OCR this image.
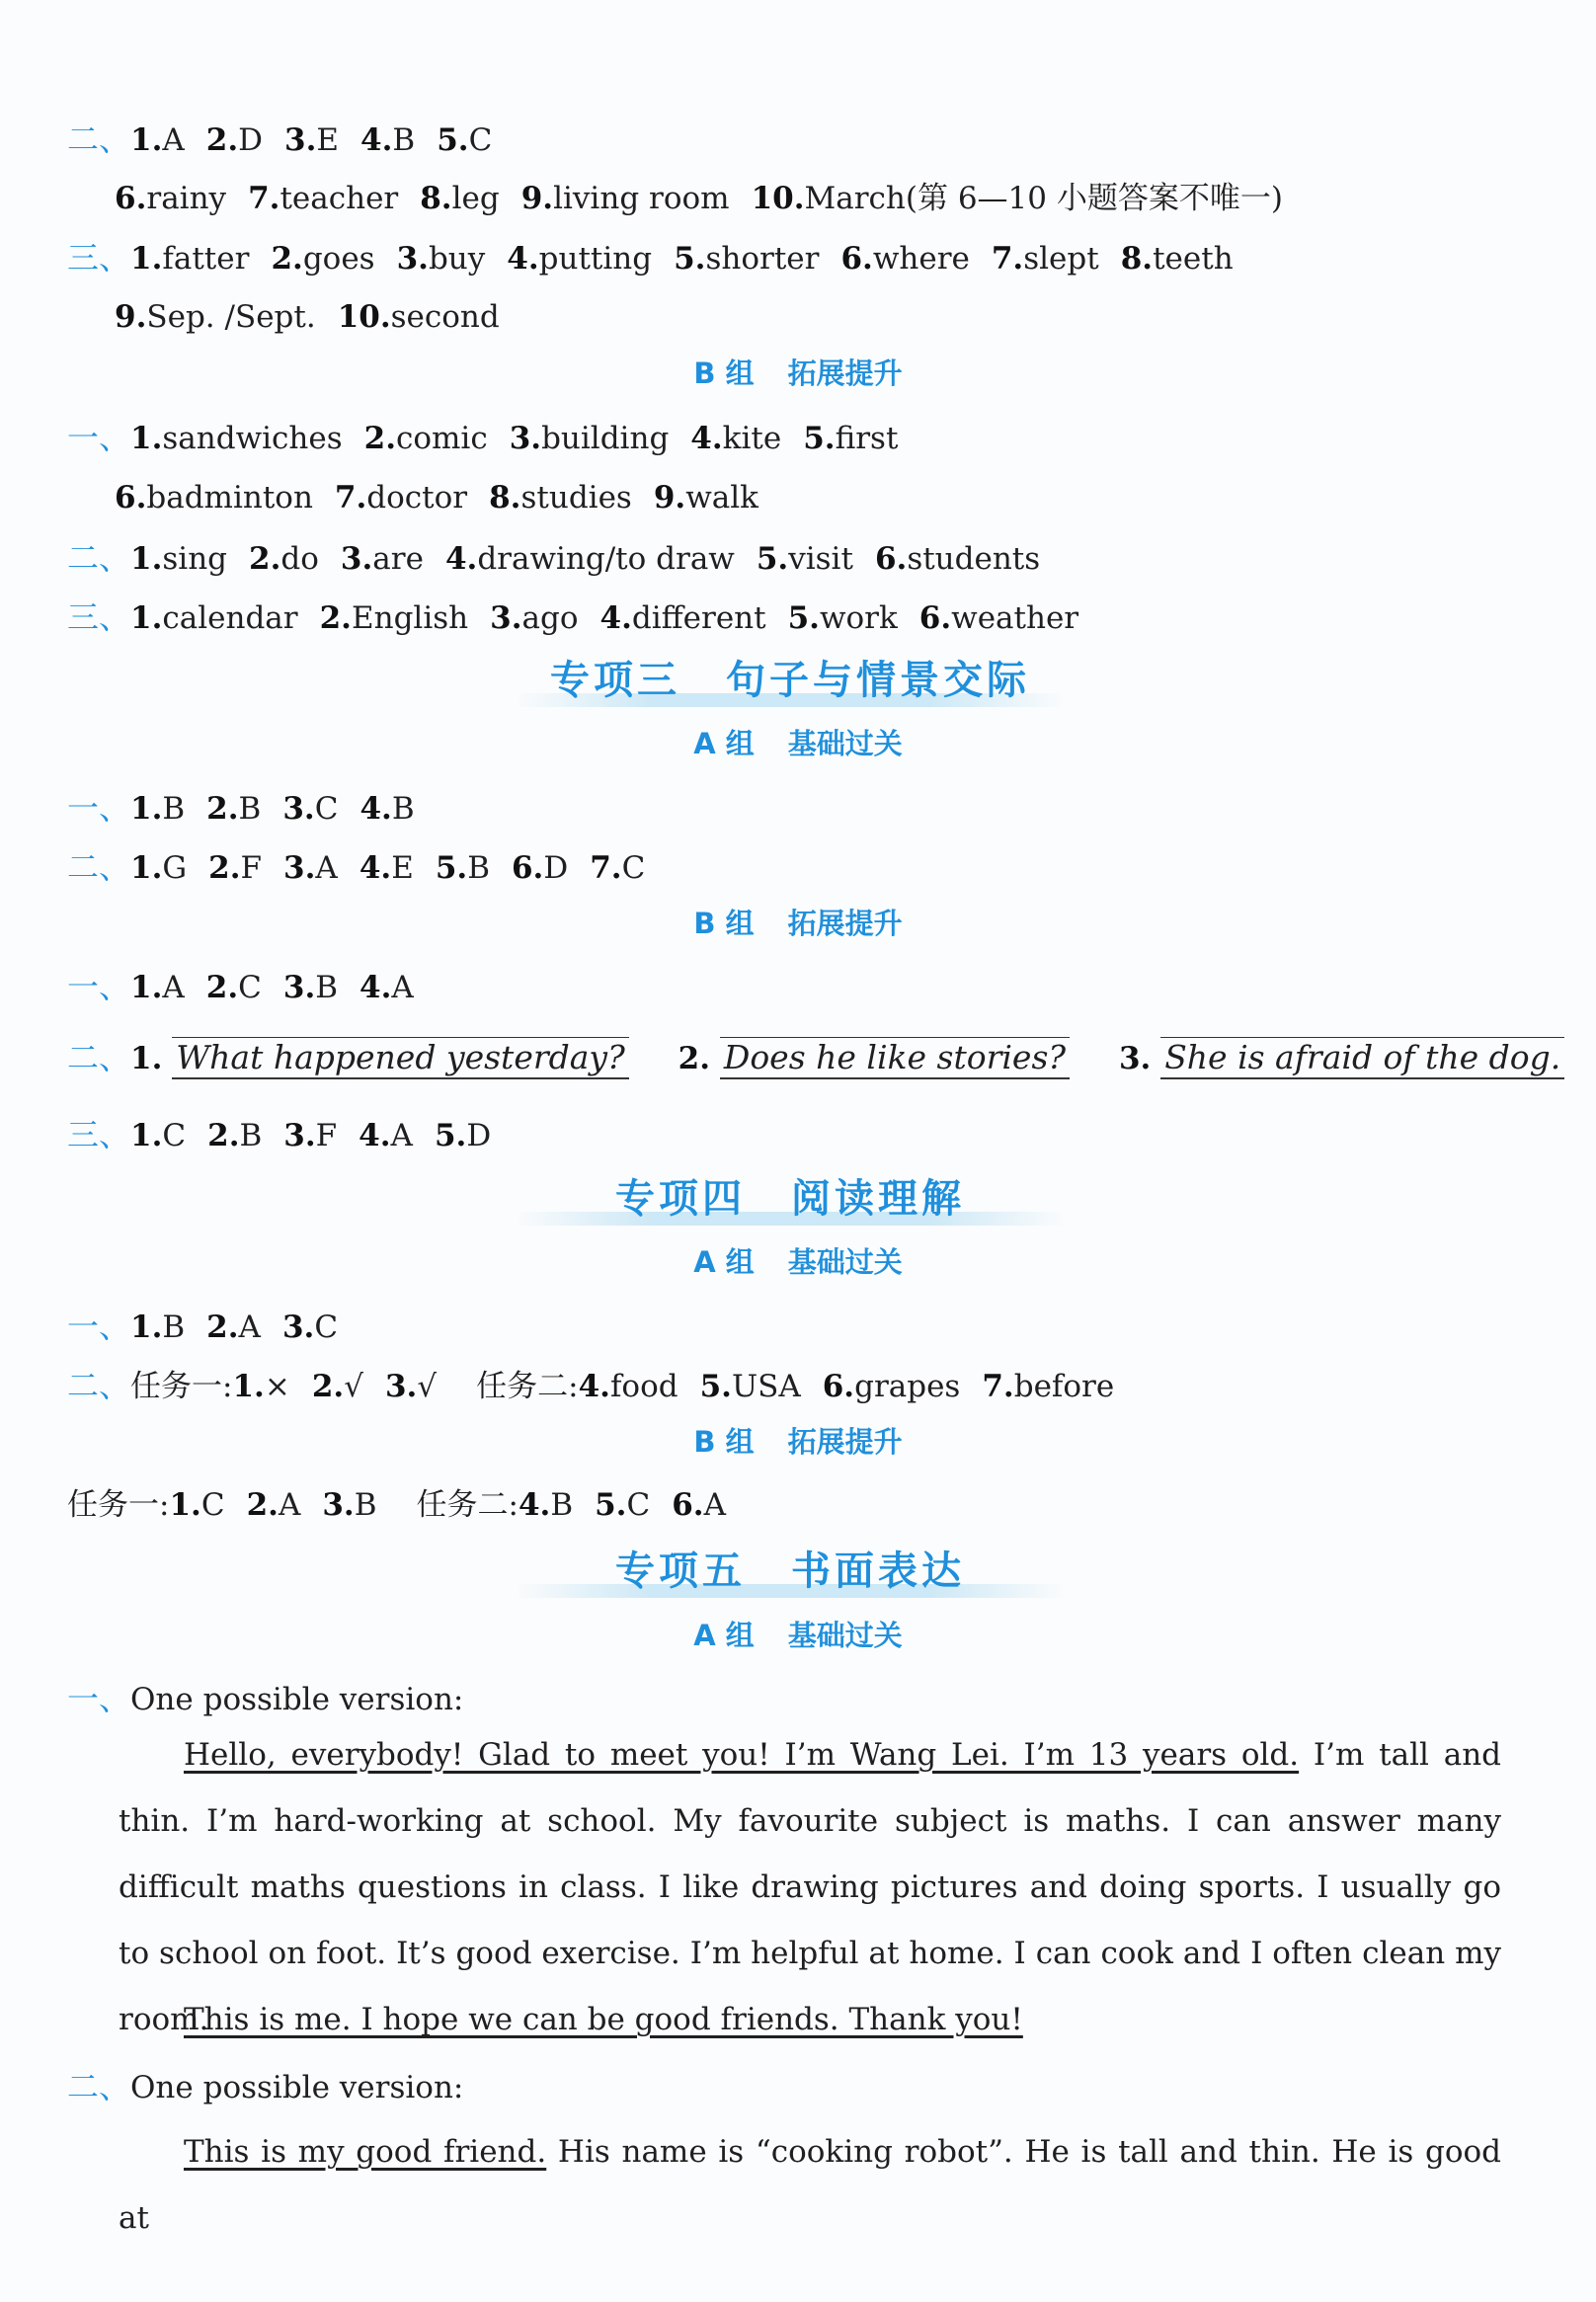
二、1.A 2.D 3.E 4.B 5.C
6.rainy 7.teacher 8.leg 9.living room 10.March(第 6—10 小题答案不唯一)
三、1.fatter 2.goes 3.buy 4.putting 5.shorter 6.where 7.slept 8.teeth
9.Sep. /Sept. 10.second
B 组 拓展提升
一、1.sandwiches 2.comic 3.building 4.kite 5.first
6.badminton 7.doctor 8.studies 9.walk
二、1.sing 2.do 3.are 4.drawing/to draw 5.visit 6.students
三、1.calendar 2.English 3.ago 4.different 5.work 6.weather
专项三 句子与情景交际
A 组 基础过关
一、1.B 2.B 3.C 4.B
二、1.G 2.F 3.A 4.E 5.B 6.D 7.C
B 组 拓展提升
一、1.A 2.C 3.B 4.A
二、1. What happened yesterday? 2. Does he like stories? 3. She is afraid of the dog.
三、1.C 2.B 3.F 4.A 5.D
专项四 阅读理解
A 组 基础过关
一、1.B 2.A 3.C
二、任务一:1.× 2.√ 3.√ 任务二:4.food 5.USA 6.grapes 7.before
B 组 拓展提升
任务一:1.C 2.A 3.B 任务二:4.B 5.C 6.A
专项五 书面表达
A 组 基础过关
一、One possible version:
Hello, everybody! Glad to meet you! I’m Wang Lei. I’m 13 years old. I’m tall and thin. I’m hard-working at school. My favourite subject is maths. I can answer many difficult maths questions in class. I like drawing pictures and doing sports. I usually go to school on foot. It’s good exercise. I’m helpful at home. I can cook and I often clean my room.
This is me. I hope we can be good friends. Thank you!
二、One possible version:
This is my good friend. His name is “cooking robot”. He is tall and thin. He is good at
